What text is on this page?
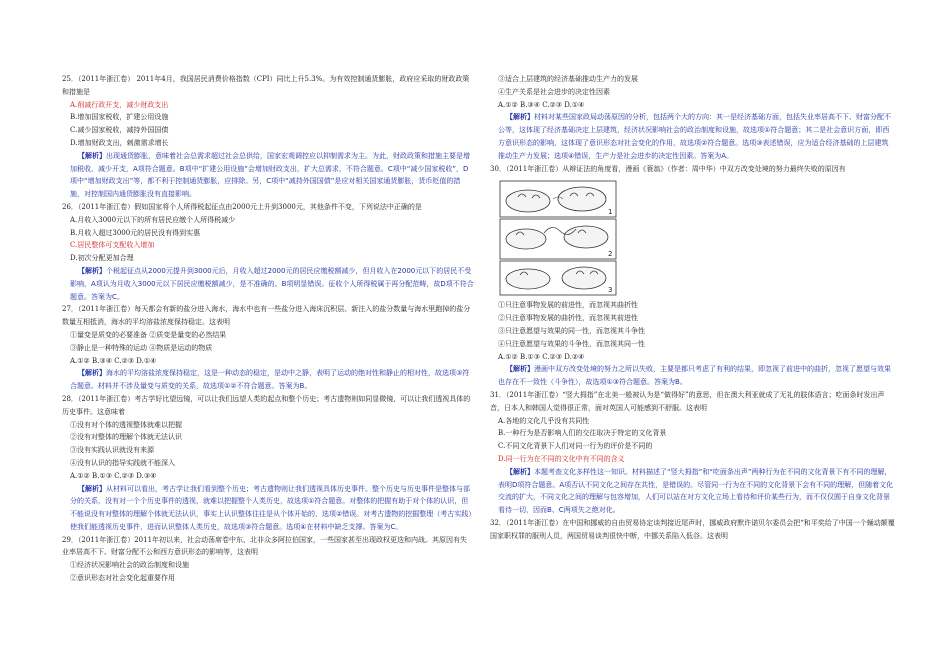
25．（2011年浙江卷） 2011年4月，我国居民消费价格指数（CPI）同比上升5.3%。为有效控制通货膨胀，政府应采取的财政政策和措施是
A.削减行政开支，减少财政支出
B.增加国家税收，扩建公用设施
C.减少国家税收，减持外国国债
D.增加财政支出，刺激需求增长
【解析】出现通货膨胀，意味着社会总需求超过社会总供给，国家宏观调控应以抑制需求为主。为此，财政政策和措施主要是增加税收，减少开支，A项符合题意。B项中“扩建公用设施”会增加财政支出，扩大总需求，不符合题意。C项中“减少国家税收”，D项中“增加财政支出”等，都不利于控制通货膨胀，应排除。另，C项中“减持外国国债”是应对相关国家通货膨胀，货币贬值的措施，对控制国内通货膨胀没有直接影响。
26．（2011年浙江卷）假如国家将个人所得税起征点由2000元上升到3000元，其他条件不变，下列说法中正确的是
A.月收入3000元以下的所有居民应缴个人所得税减少
B.月收入超过3000元的居民没有得到实惠
C.居民整体可支配收入增加
D.初次分配更加合理
【解析】个税起征点从2000元提升到3000元后，月收入超过2000元的居民应缴税额减少，但月收入在2000元以下的居民不受影响，A项认为月收入3000元以下居民应缴税额减少，是不准确的。B项明显错误。征收个人所得税属于再分配范畴，故D项不符合题意。答案为C。
27．（2011年浙江卷）每天都会有新的盐分进入海水，海水中也有一些盐分进入海床沉积层、新注入的盐分数量与海水里跑掉的盐分数量互相抵消，海水的平均溶盐浓度保持稳定。这表明
①量变是质变的必要准备 ②质变是量变的必然结果
③静止是一种特殊的运动 ④物质是运动的物质
A.①② B.③④ C.②③ D.①④
【解析】海水的平均溶盐浓度保持稳定，这是一种动态的稳定，是动中之静，表明了运动的绝对性和静止的相对性，故选项③符合题意。材料并不涉及量变与质变的关系，故选项①②不符合题意。答案为B。
28．（2011年浙江卷）考古学好比望远镜，可以让我们远望人类的起点和整个历史；考古遗物则如同显微镜，可以让我们透视具体的历史事件。这意味着
①没有对个体的透视整体就难以把握
②没有对整体的理解个体就无法认识
③没有实践认识就没有来源
④没有认识的指导实践就不能深入
A.①② B.①③ C.②③ D.③④
【解析】从材料可以看出，考古学让我们看到整个历史；考古遗物则让我们透视具体历史事件。整个历史与历史事件是整体与部分的关系，没有对一个个历史事件的透视，就难以把握整个人类历史，故选项①符合题意。对整体的把握有助于对个体的认识，但不能说没有对整体的理解个体就无法认识，事实上认识整体往往是从个体开始的，选项②错误。对考古遗物的挖掘整理（考古实践）使我们能透视历史事件，进而认识整体人类历史，故选项③符合题意。选项④在材料中缺乏支撑。答案为C。
29．（2011年浙江卷）2011年初以来，社会动荡席卷中东、北非众多阿拉伯国家，一些国家甚至出现政权更迭和内战。其原因有失业率居高不下、财富分配不公和西方意识形态的影响等，这表明
①经济状况影响社会的政治制度和设施
②意识形态对社会变化起重要作用
③适合上层建筑的经济基础推动生产力的发展
④生产关系是社会进步的决定性因素
A.①② B.③④ C.②③ D.①④
【解析】材料对某些国家政局动荡原因的分析，包括两个大的方向：其一是经济基础方面，包括失业率居高不下、财富分配不公等，这体现了经济基础决定上层建筑，经济状况影响社会的政治制度和设施，故选项①符合题意；其二是社会意识方面，即西方意识形态的影响，这体现了意识形态对社会变化的作用，故选项②符合题意。选项③表述错误，应为适合经济基础的上层建筑推动生产力发展；选项④错误，生产力是社会进步的决定性因素。答案为A。
30．（2011年浙江卷）从辩证法的角度看，漫画《蓑翁》（作者：周中华）中双方改变处境的努力最终失败的原因有
1
2
3
①只注意事物发展的前进性，而忽视其曲折性
②只注意事物发展的曲折性，而忽视其前进性
③只注意愿望与效果的同一性，而忽视其斗争性
④只注意愿望与效果的斗争性，而忽视其同一性
A.①② B.①③ C.②③ D.②④
【解析】漫画中双方改变处境的努力之所以失败，主要是都只考虑了有利的结果，即忽视了前进中的曲折，忽视了愿望与效果也存在不一致性（斗争性），故选项①③符合题意。答案为B。
31．（2011年浙江卷）“竖大拇指”在北美一般被认为是“做得好”的意思，但在澳大利亚就成了无礼的肢体语言；吃面条时发出声音，日本人和韩国人觉得很正常，面对英国人可能感到不舒服。这表明
A.各地的文化几乎没有共同性
B.一种行为是否影响人们的交往取决于特定的文化背景
C.不同文化背景下人们对同一行为的评价是不同的
D.同一行为在不同的文化中有不同的含义
【解析】本题考查文化多样性这一知识。材料描述了“竖大拇指”和“吃面条出声”两种行为在不同的文化背景下有不同的理解，表明D项符合题意。A项否认不同文化之间存在共性，是错误的。尽管同一行为在不同的文化背景下会有不同的理解，但随着文化交流的扩大，不同文化之间的理解与包容增加，人们可以站在对方文化立场上看待和评价某些行为，而不仅仅囿于自身文化背景看待一切，因而B、C两项失之绝对化。
32．（2011年浙江卷）在中国和挪威的自由贸易协定谈判接近尾声时，挪威政府默许诺贝尔委员会把“和平奖给了中国一个蛹动颠覆国家职权罪的服刑人员，两国贸易谈判很快中断，中挪关系陷入低谷。这表明
